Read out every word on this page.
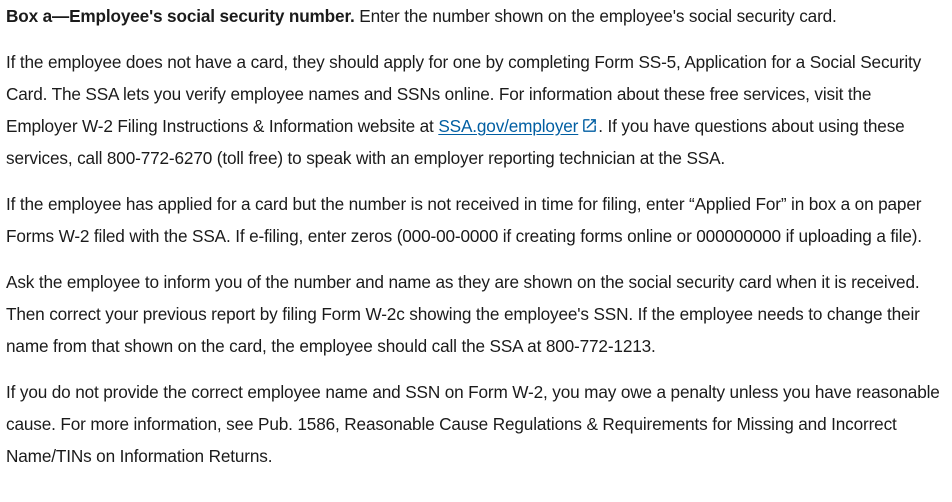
Box a—Employee's social security number. Enter the number shown on the employee's social security card.

If the employee does not have a card, they should apply for one by completing Form SS-5, Application for a Social Security Card. The SSA lets you verify employee names and SSNs online. For information about these free services, visit the Employer W-2 Filing Instructions & Information website at SSA.gov/employer . If you have questions about using these services, call 800-772-6270 (toll free) to speak with an employer reporting technician at the SSA.

If the employee has applied for a card but the number is not received in time for filing, enter “Applied For” in box a on paper Forms W-2 filed with the SSA. If e-filing, enter zeros (000-00-0000 if creating forms online or 000000000 if uploading a file).

Ask the employee to inform you of the number and name as they are shown on the social security card when it is received. Then correct your previous report by filing Form W-2c showing the employee's SSN. If the employee needs to change their name from that shown on the card, the employee should call the SSA at 800-772-1213.

If you do not provide the correct employee name and SSN on Form W-2, you may owe a penalty unless you have reasonable cause. For more information, see Pub. 1586, Reasonable Cause Regulations & Requirements for Missing and Incorrect Name/TINs on Information Returns.
